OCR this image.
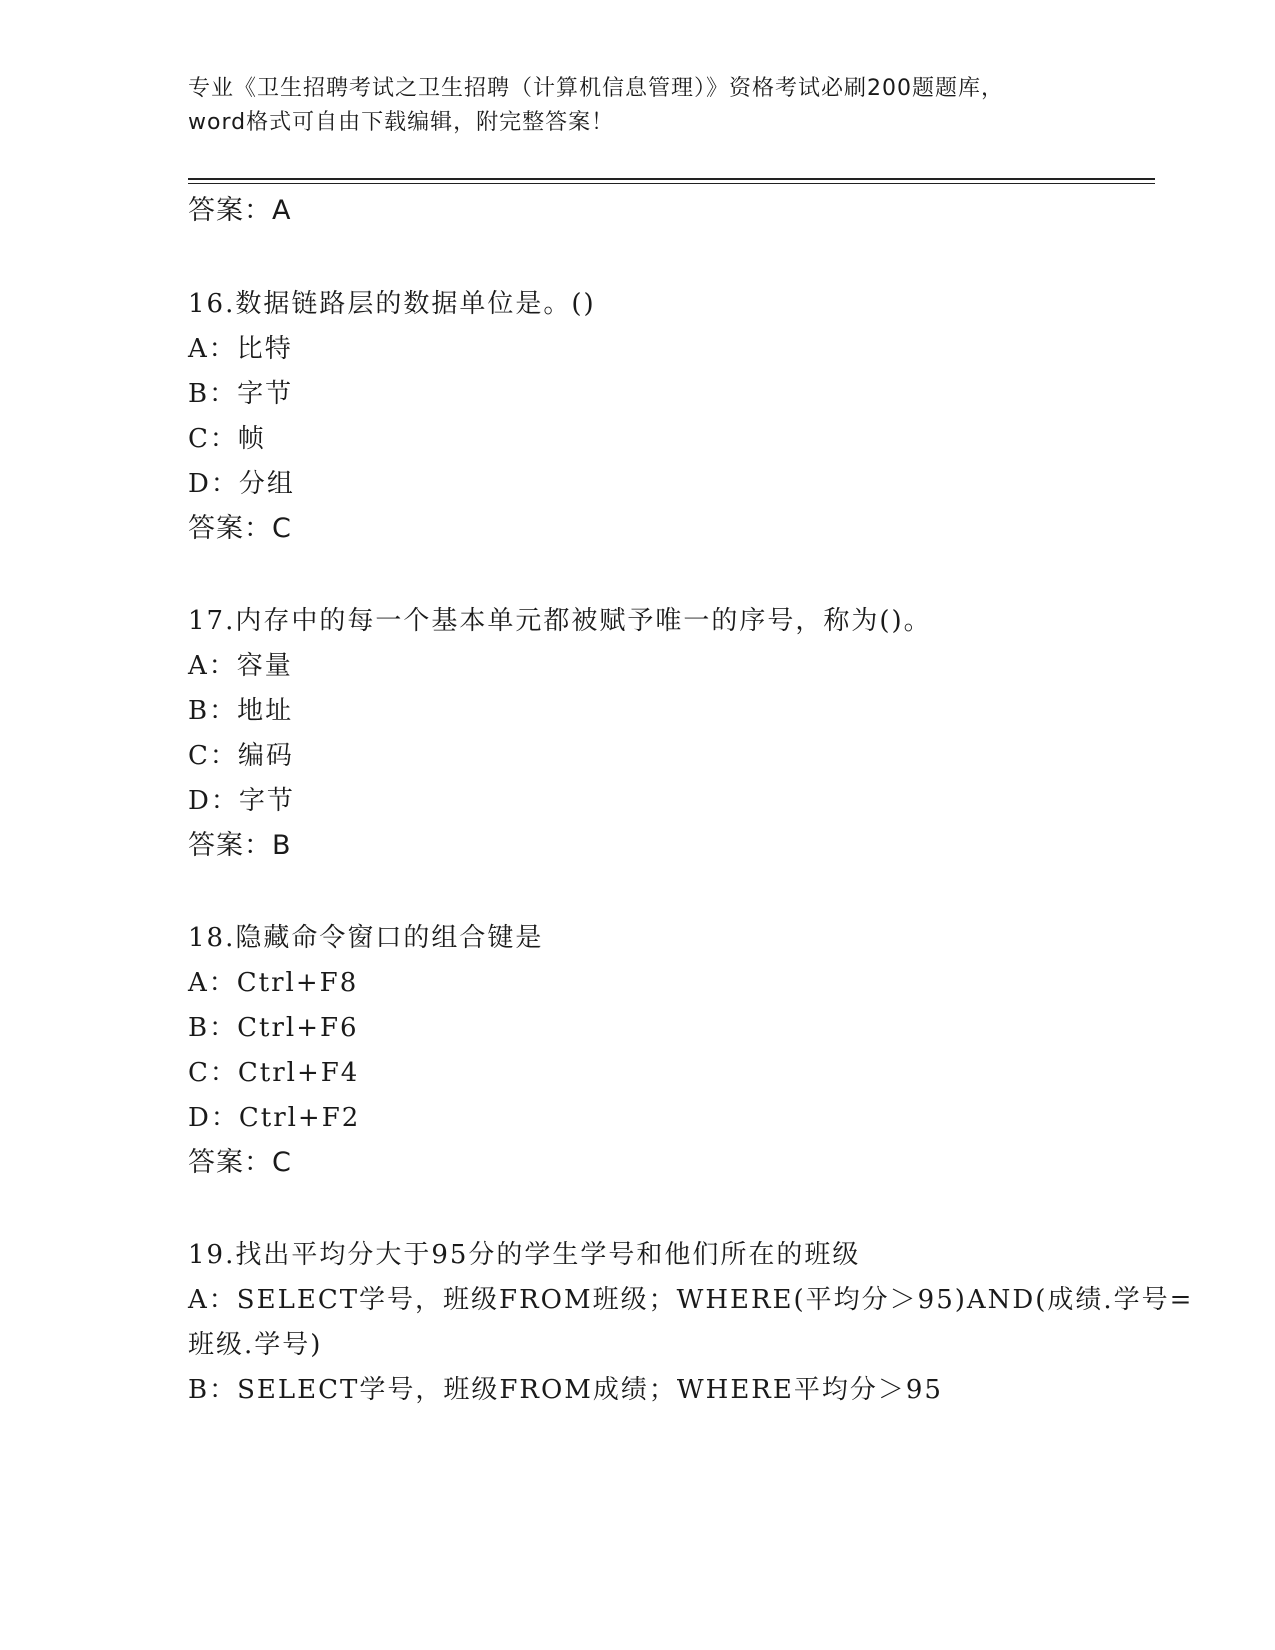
专业《卫生招聘考试之卫生招聘（计算机信息管理）》资格考试必刷200题题库，
word格式可自由下载编辑，附完整答案！
答案：A
16.数据链路层的数据单位是。()
A：比特
B：字节
C：帧
D：分组
答案：C
17.内存中的每一个基本单元都被赋予唯一的序号，称为()。
A：容量
B：地址
C：编码
D：字节
答案：B
18.隐藏命令窗口的组合键是
A：Ctrl+F8
B：Ctrl+F6
C：Ctrl+F4
D：Ctrl+F2
答案：C
19.找出平均分大于95分的学生学号和他们所在的班级
A：SELECT学号，班级FROM班级；WHERE(平均分＞95)AND(成绩.学号=
班级.学号)
B：SELECT学号，班级FROM成绩；WHERE平均分＞95
